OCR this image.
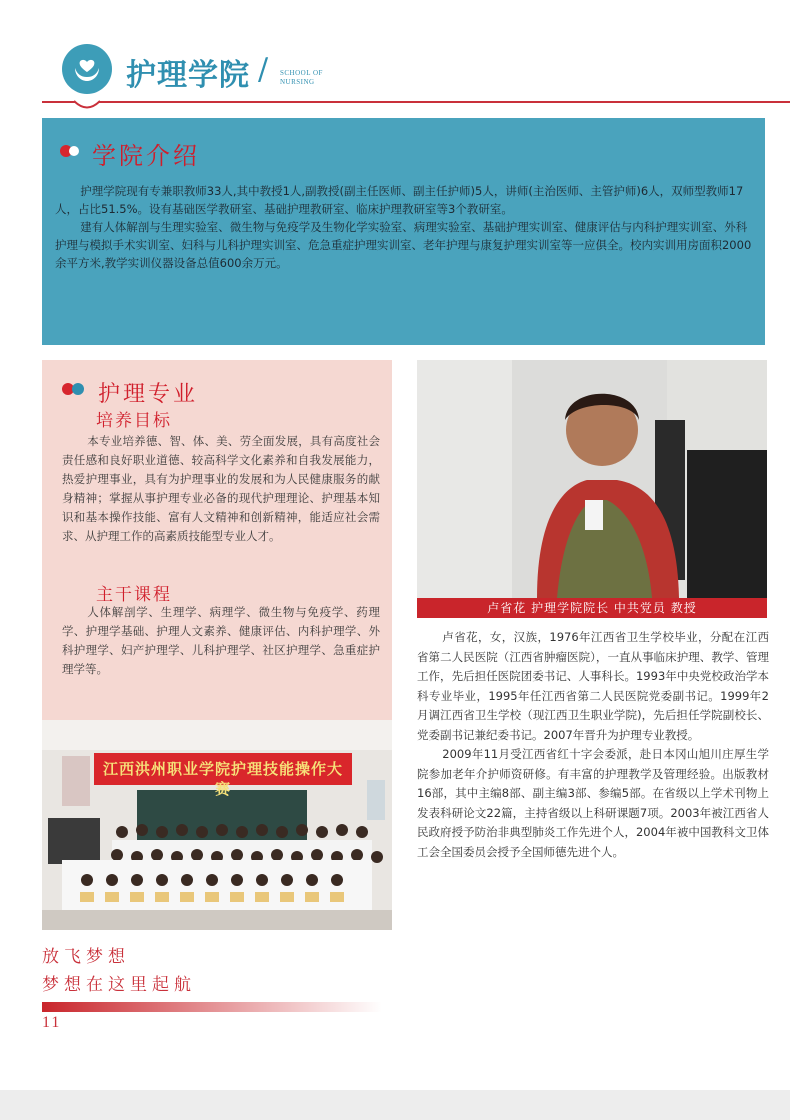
护理学院 / SCHOOL OF
NURSING
学院介绍

护理学院现有专兼职教师33人,其中教授1人,副教授(副主任医师、副主任护师)5人，讲师(主治医师、主管护师)6人，双师型教师17人，占比51.5%。设有基础医学教研室、基础护理教研室、临床护理教研室等3个教研室。

建有人体解剖与生理实验室、微生物与免疫学及生物化学实验室、病理实验室、基础护理实训室、健康评估与内科护理实训室、外科护理与模拟手术实训室、妇科与儿科护理实训室、危急重症护理实训室、老年护理与康复护理实训室等一应俱全。校内实训用房面积2000余平方米,教学实训仪器设备总值600余万元。

护理专业
培养目标

本专业培养德、智、体、美、劳全面发展，具有高度社会责任感和良好职业道德、较高科学文化素养和自我发展能力，热爱护理事业，具有为护理事业的发展和为人民健康服务的献身精神；掌握从事护理专业必备的现代护理理论、护理基本知识和基本操作技能、富有人文精神和创新精神，能适应社会需求、从护理工作的高素质技能型专业人才。

主干课程

人体解剖学、生理学、病理学、微生物与免疫学、药理学、护理学基础、护理人文素养、健康评估、内科护理学、外科护理学、妇产护理学、儿科护理学、社区护理学、急重症护理学等。

江西洪州职业学院护理技能操作大赛
放飞梦想
梦想在这里起航
11
卢省花 护理学院院长 中共党员 教授

卢省花，女，汉族，1976年江西省卫生学校毕业，分配在江西省第二人民医院（江西省肿瘤医院），一直从事临床护理、教学、管理工作，先后担任医院团委书记、人事科长。1993年中央党校政治学本科专业毕业，1995年任江西省第二人民医院党委副书记。1999年2月调江西省卫生学校（现江西卫生职业学院)，先后担任学院副校长、党委副书记兼纪委书记。2007年晋升为护理专业教授。

2009年11月受江西省红十字会委派，赴日本冈山旭川庄厚生学院参加老年介护师资研修。有丰富的护理教学及管理经验。出版教材16部，其中主编8部、副主编3部、参编5部。在省级以上学术刊物上发表科研论文22篇，主持省级以上科研课题7项。2003年被江西省人民政府授予防治非典型肺炎工作先进个人，2004年被中国教科文卫体工会全国委员会授予全国师德先进个人。
